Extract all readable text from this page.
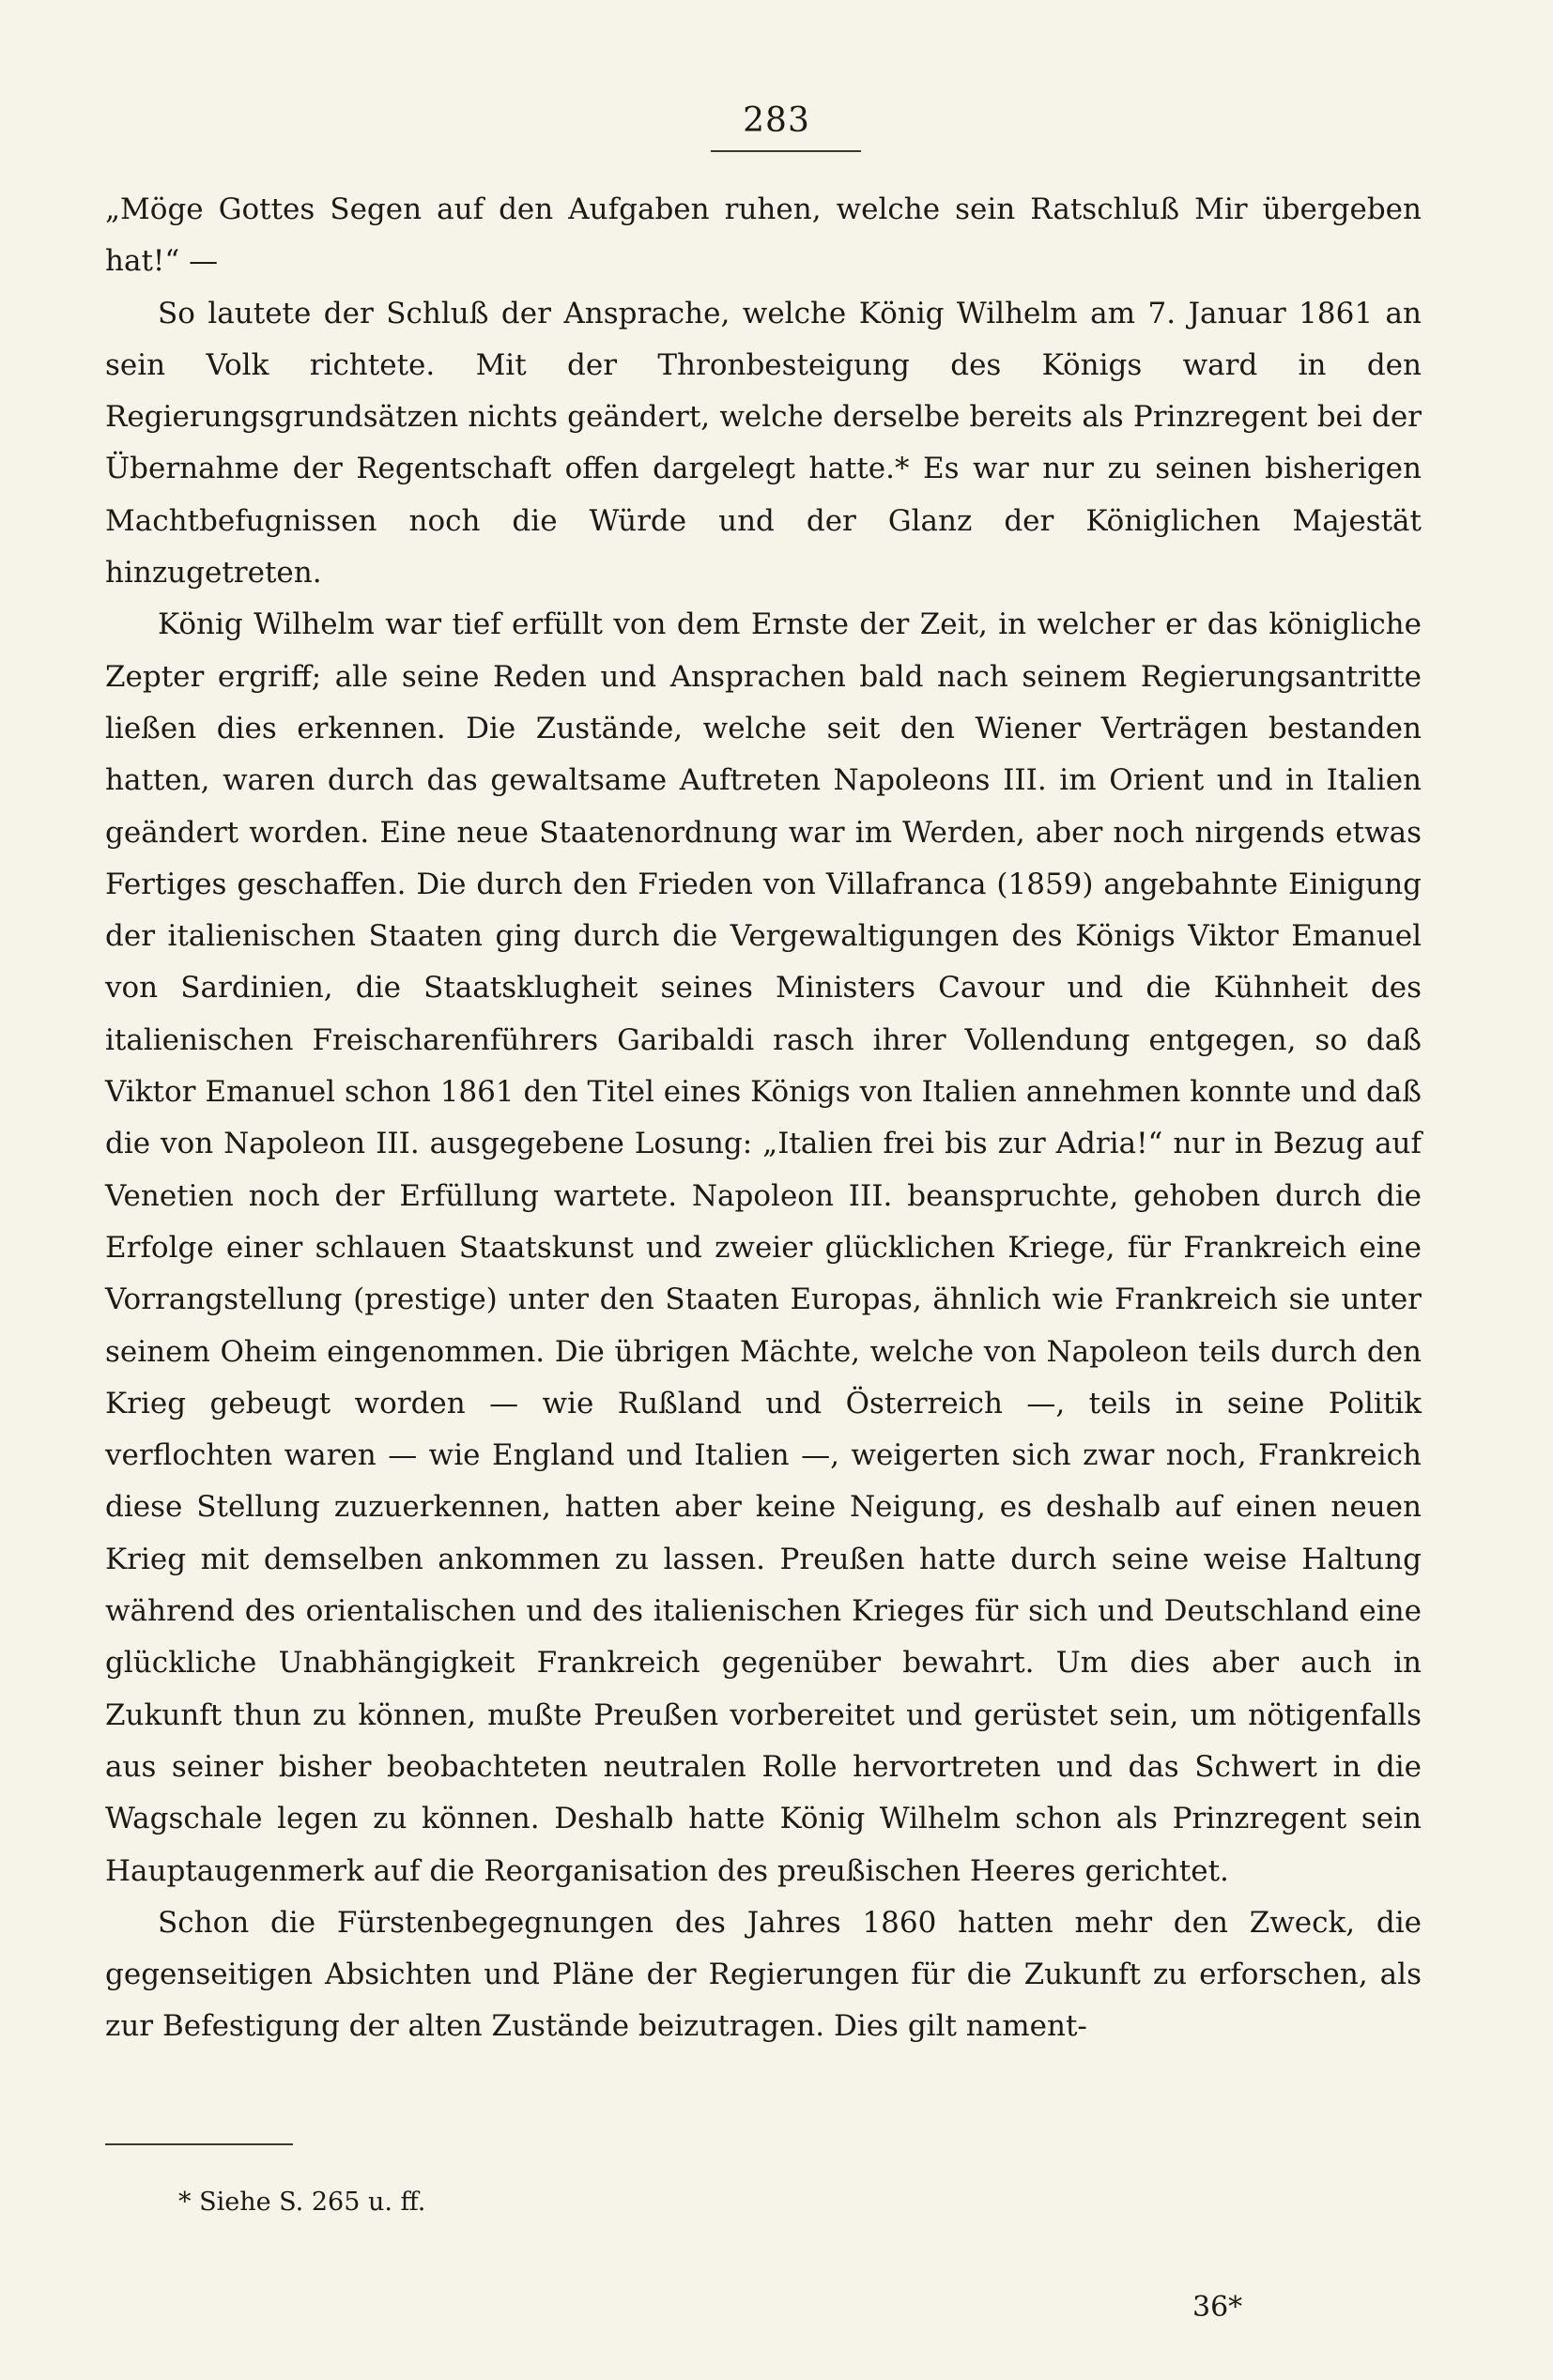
283

„Möge Gottes Segen auf den Aufgaben ruhen, welche sein Ratschluß Mir übergeben hat!“ —

So lautete der Schluß der Ansprache, welche König Wilhelm am 7. Januar 1861 an sein Volk richtete. Mit der Thronbesteigung des Königs ward in den Regierungsgrundsätzen nichts geändert, welche derselbe bereits als Prinzregent bei der Übernahme der Regentschaft offen dargelegt hatte.* Es war nur zu seinen bisherigen Machtbefugnissen noch die Würde und der Glanz der Königlichen Majestät hinzugetreten.

König Wilhelm war tief erfüllt von dem Ernste der Zeit, in welcher er das königliche Zepter ergriff; alle seine Reden und Ansprachen bald nach seinem Regierungsantritte ließen dies erkennen. Die Zustände, welche seit den Wiener Verträgen bestanden hatten, waren durch das gewaltsame Auftreten Napoleons III. im Orient und in Italien geändert worden. Eine neue Staatenordnung war im Werden, aber noch nirgends etwas Fertiges geschaffen. Die durch den Frieden von Villafranca (1859) angebahnte Einigung der italienischen Staaten ging durch die Vergewaltigungen des Königs Viktor Emanuel von Sardinien, die Staatsklugheit seines Ministers Cavour und die Kühnheit des italienischen Freischarenführers Garibaldi rasch ihrer Vollendung entgegen, so daß Viktor Emanuel schon 1861 den Titel eines Königs von Italien annehmen konnte und daß die von Napoleon III. ausgegebene Losung: „Italien frei bis zur Adria!“ nur in Bezug auf Venetien noch der Erfüllung wartete. Napoleon III. beanspruchte, gehoben durch die Erfolge einer schlauen Staatskunst und zweier glücklichen Kriege, für Frankreich eine Vorrangstellung (prestige) unter den Staaten Europas, ähnlich wie Frankreich sie unter seinem Oheim eingenommen. Die übrigen Mächte, welche von Napoleon teils durch den Krieg gebeugt worden — wie Rußland und Österreich —, teils in seine Politik verflochten waren — wie England und Italien —, weigerten sich zwar noch, Frankreich diese Stellung zuzuerkennen, hatten aber keine Neigung, es deshalb auf einen neuen Krieg mit demselben ankommen zu lassen. Preußen hatte durch seine weise Haltung während des orientalischen und des italienischen Krieges für sich und Deutschland eine glückliche Unabhängigkeit Frankreich gegenüber bewahrt. Um dies aber auch in Zukunft thun zu können, mußte Preußen vorbereitet und gerüstet sein, um nötigenfalls aus seiner bisher beobachteten neutralen Rolle hervortreten und das Schwert in die Wagschale legen zu können. Deshalb hatte König Wilhelm schon als Prinzregent sein Hauptaugenmerk auf die Reorganisation des preußischen Heeres gerichtet.

Schon die Fürstenbegegnungen des Jahres 1860 hatten mehr den Zweck, die gegenseitigen Absichten und Pläne der Regierungen für die Zukunft zu erforschen, als zur Befestigung der alten Zustände beizutragen. Dies gilt nament-

* Siehe S. 265 u. ff.
36*
